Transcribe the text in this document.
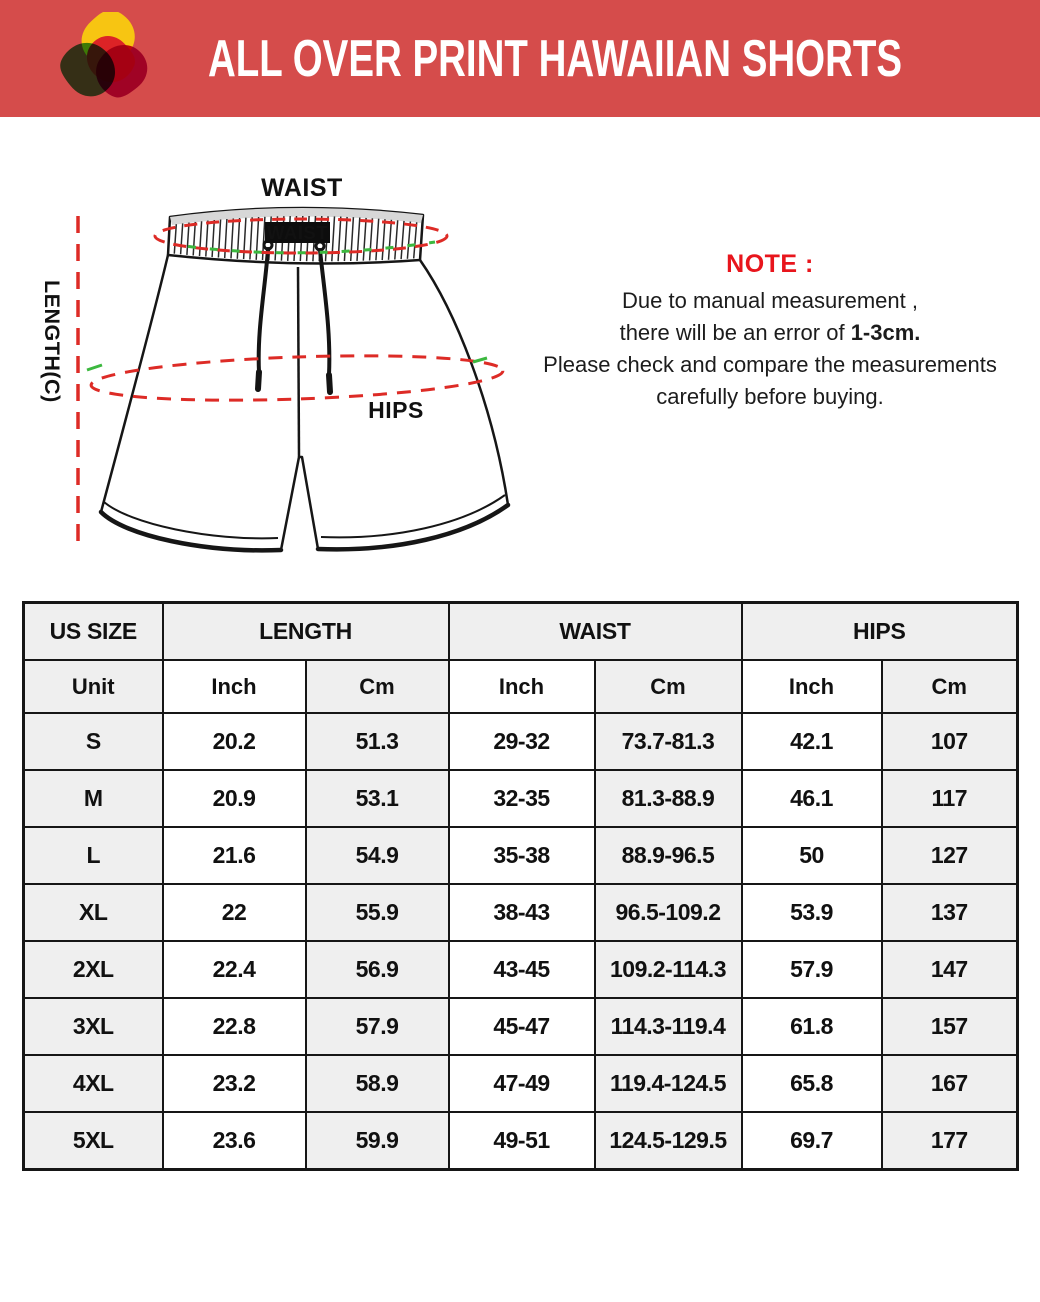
ALL OVER PRINT HAWAIIAN SHORTS
WAIST
WAIST
HIPS
LENGTH(C)
NOTE :
Due to manual measurement ,
there will be an error of 1-3cm.
Please check and compare the measurements
carefully before buying.
US SIZE	LENGTH		WAIST		HIPS	
Unit	Inch	Cm	Inch	Cm	Inch	Cm
S	20.2	51.3	29-32	73.7-81.3	42.1	107
M	20.9	53.1	32-35	81.3-88.9	46.1	117
L	21.6	54.9	35-38	88.9-96.5	50	127
XL	22	55.9	38-43	96.5-109.2	53.9	137
2XL	22.4	56.9	43-45	109.2-114.3	57.9	147
3XL	22.8	57.9	45-47	114.3-119.4	61.8	157
4XL	23.2	58.9	47-49	119.4-124.5	65.8	167
5XL	23.6	59.9	49-51	124.5-129.5	69.7	177
